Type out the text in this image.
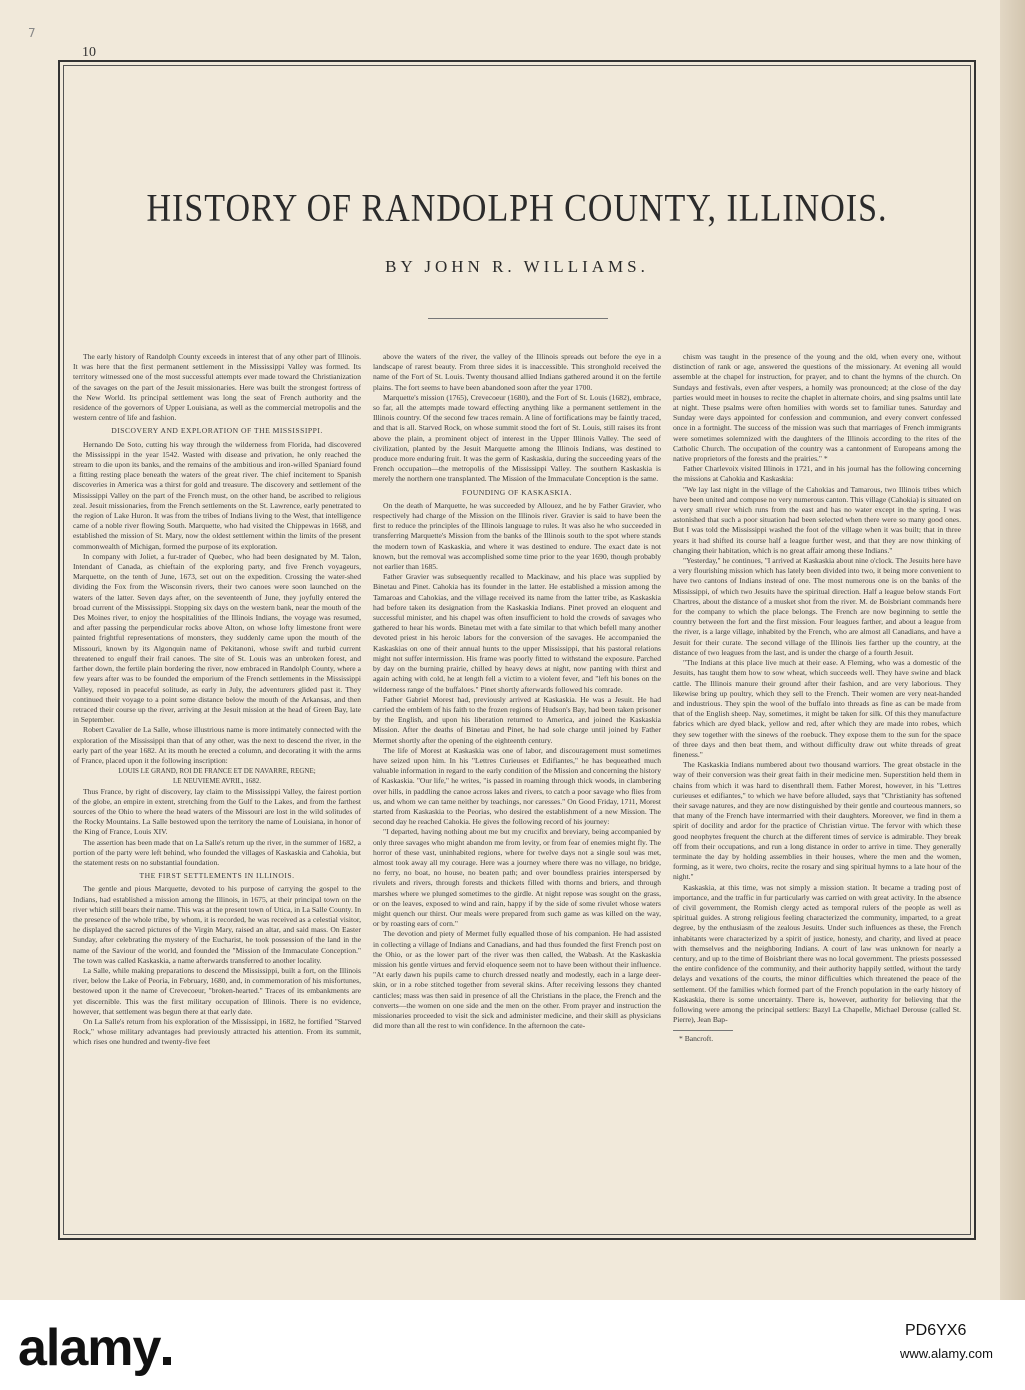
7
10
HISTORY OF RANDOLPH COUNTY, ILLINOIS.
BY JOHN R. WILLIAMS.

The early history of Randolph County exceeds in interest that of any other part of Illinois. It was here that the first permanent settlement in the Mississippi Valley was formed. Its territory witnessed one of the most successful attempts ever made toward the Christianization of the savages on the part of the Jesuit missionaries. Here was built the strongest fortress of the New World. Its principal settlement was long the seat of French authority and the residence of the governors of Upper Louisiana, as well as the commercial metropolis and the western centre of life and fashion.

DISCOVERY AND EXPLORATION OF THE MISSISSIPPI.

Hernando De Soto, cutting his way through the wilderness from Florida, had discovered the Mississippi in the year 1542. Wasted with disease and privation, he only reached the stream to die upon its banks, and the remains of the ambitious and iron-willed Spaniard found a fitting resting place beneath the waters of the great river. The chief incitement to Spanish discoveries in America was a thirst for gold and treasure. The discovery and settlement of the Mississippi Valley on the part of the French must, on the other hand, be ascribed to religious zeal. Jesuit missionaries, from the French settlements on the St. Lawrence, early penetrated to the region of Lake Huron. It was from the tribes of Indians living to the West, that intelligence came of a noble river flowing South. Marquette, who had visited the Chippewas in 1668, and established the mission of St. Mary, now the oldest settlement within the limits of the present commonwealth of Michigan, formed the purpose of its exploration.

In company with Joliet, a fur-trader of Quebec, who had been designated by M. Talon, Intendant of Canada, as chieftain of the exploring party, and five French voyageurs, Marquette, on the tenth of June, 1673, set out on the expedition. Crossing the water-shed dividing the Fox from the Wisconsin rivers, their two canoes were soon launched on the waters of the latter. Seven days after, on the seventeenth of June, they joyfully entered the broad current of the Mississippi. Stopping six days on the western bank, near the mouth of the Des Moines river, to enjoy the hospitalities of the Illinois Indians, the voyage was resumed, and after passing the perpendicular rocks above Alton, on whose lofty limestone front were painted frightful representations of monsters, they suddenly came upon the mouth of the Missouri, known by its Algonquin name of Pekitanoni, whose swift and turbid current threatened to engulf their frail canoes. The site of St. Louis was an unbroken forest, and farther down, the fertile plain bordering the river, now embraced in Randolph County, where a few years after was to be founded the emporium of the French settlements in the Mississippi Valley, reposed in peaceful solitude, as early in July, the adventurers glided past it. They continued their voyage to a point some distance below the mouth of the Arkansas, and then retraced their course up the river, arriving at the Jesuit mission at the head of Green Bay, late in September.

Robert Cavalier de La Salle, whose illustrious name is more intimately connected with the exploration of the Mississippi than that of any other, was the next to descend the river, in the early part of the year 1682. At its mouth he erected a column, and decorating it with the arms of France, placed upon it the following inscription:

LOUIS LE GRAND, ROI DE FRANCE ET DE NAVARRE, REGNE;

LE NEUVIEME AVRIL, 1682.

Thus France, by right of discovery, lay claim to the Mississippi Valley, the fairest portion of the globe, an empire in extent, stretching from the Gulf to the Lakes, and from the farthest sources of the Ohio to where the head waters of the Missouri are lost in the wild solitudes of the Rocky Mountains. La Salle bestowed upon the territory the name of Louisiana, in honor of the King of France, Louis XIV.

The assertion has been made that on La Salle's return up the river, in the summer of 1682, a portion of the party were left behind, who founded the villages of Kaskaskia and Cahokia, but the statement rests on no substantial foundation.

THE FIRST SETTLEMENTS IN ILLINOIS.

The gentle and pious Marquette, devoted to his purpose of carrying the gospel to the Indians, had established a mission among the Illinois, in 1675, at their principal town on the river which still bears their name. This was at the present town of Utica, in La Salle County. In the presence of the whole tribe, by whom, it is recorded, he was received as a celestial visitor, he displayed the sacred pictures of the Virgin Mary, raised an altar, and said mass. On Easter Sunday, after celebrating the mystery of the Eucharist, he took possession of the land in the name of the Saviour of the world, and founded the "Mission of the Immaculate Conception." The town was called Kaskaskia, a name afterwards transferred to another locality.

La Salle, while making preparations to descend the Mississippi, built a fort, on the Illinois river, below the Lake of Peoria, in February, 1680, and, in commemoration of his misfortunes, bestowed upon it the name of Crevecoeur, "broken-hearted." Traces of its embankments are yet discernible. This was the first military occupation of Illinois. There is no evidence, however, that settlement was begun there at that early date.

On La Salle's return from his exploration of the Mississippi, in 1682, he fortified "Starved Rock," whose military advantages had previously attracted his attention. From its summit, which rises one hundred and twenty-five feet

above the waters of the river, the valley of the Illinois spreads out before the eye in a landscape of rarest beauty. From three sides it is inaccessible. This stronghold received the name of the Fort of St. Louis. Twenty thousand allied Indians gathered around it on the fertile plains. The fort seems to have been abandoned soon after the year 1700.

Marquette's mission (1765), Crevecoeur (1680), and the Fort of St. Louis (1682), embrace, so far, all the attempts made toward effecting anything like a permanent settlement in the Illinois country. Of the second few traces remain. A line of fortifications may be faintly traced, and that is all. Starved Rock, on whose summit stood the fort of St. Louis, still raises its front above the plain, a prominent object of interest in the Upper Illinois Valley. The seed of civilization, planted by the Jesuit Marquette among the Illinois Indians, was destined to produce more enduring fruit. It was the germ of Kaskaskia, during the succeeding years of the French occupation—the metropolis of the Mississippi Valley. The southern Kaskaskia is merely the northern one transplanted. The Mission of the Immaculate Conception is the same.

FOUNDING OF KASKASKIA.

On the death of Marquette, he was succeeded by Allouez, and he by Father Gravier, who respectively had charge of the Mission on the Illinois river. Gravier is said to have been the first to reduce the principles of the Illinois language to rules. It was also he who succeeded in transferring Marquette's Mission from the banks of the Illinois south to the spot where stands the modern town of Kaskaskia, and where it was destined to endure. The exact date is not known, but the removal was accomplished some time prior to the year 1690, though probably not earlier than 1685.

Father Gravier was subsequently recalled to Mackinaw, and his place was supplied by Binetau and Pinet. Cahokia has its founder in the latter. He established a mission among the Tamaroas and Cahokias, and the village received its name from the latter tribe, as Kaskaskia had before taken its designation from the Kaskaskia Indians. Pinet proved an eloquent and successful minister, and his chapel was often insufficient to hold the crowds of savages who gathered to hear his words. Binetau met with a fate similar to that which befell many another devoted priest in his heroic labors for the conversion of the savages. He accompanied the Kaskaskias on one of their annual hunts to the upper Mississippi, that his pastoral relations might not suffer intermission. His frame was poorly fitted to withstand the exposure. Parched by day on the burning prairie, chilled by heavy dews at night, now panting with thirst and again aching with cold, he at length fell a victim to a violent fever, and "left his bones on the wilderness range of the buffaloes." Pinet shortly afterwards followed his comrade.

Father Gabriel Morest had, previously arrived at Kaskaskia. He was a Jesuit. He had carried the emblem of his faith to the frozen regions of Hudson's Bay, had been taken prisoner by the English, and upon his liberation returned to America, and joined the Kaskaskia Mission. After the deaths of Binetau and Pinet, he had sole charge until joined by Father Mermet shortly after the opening of the eighteenth century.

The life of Morest at Kaskaskia was one of labor, and discouragement must sometimes have seized upon him. In his "Lettres Curieuses et Edifiantes," he has bequeathed much valuable information in regard to the early condition of the Mission and concerning the history of Kaskaskia. "Our life," he writes, "is passed in roaming through thick woods, in clambering over hills, in paddling the canoe across lakes and rivers, to catch a poor savage who flies from us, and whom we can tame neither by teachings, nor caresses." On Good Friday, 1711, Morest started from Kaskaskia to the Peorias, who desired the establishment of a new Mission. The second day he reached Cahokia. He gives the following record of his journey:

"I departed, having nothing about me but my crucifix and breviary, being accompanied by only three savages who might abandon me from levity, or from fear of enemies might fly. The horror of these vast, uninhabited regions, where for twelve days not a single soul was met, almost took away all my courage. Here was a journey where there was no village, no bridge, no ferry, no boat, no house, no beaten path; and over boundless prairies interspersed by rivulets and rivers, through forests and thickets filled with thorns and briers, and through marshes where we plunged sometimes to the girdle. At night repose was sought on the grass, or on the leaves, exposed to wind and rain, happy if by the side of some rivulet whose waters might quench our thirst. Our meals were prepared from such game as was killed on the way, or by roasting ears of corn."

The devotion and piety of Mermet fully equalled those of his companion. He had assisted in collecting a village of Indians and Canadians, and had thus founded the first French post on the Ohio, or as the lower part of the river was then called, the Wabash. At the Kaskaskia mission his gentle virtues and fervid eloquence seem not to have been without their influence. "At early dawn his pupils came to church dressed neatly and modestly, each in a large deer-skin, or in a robe stitched together from several skins. After receiving lessons they chanted canticles; mass was then said in presence of all the Christians in the place, the French and the converts—the women on one side and the men on the other. From prayer and instruction the missionaries proceeded to visit the sick and administer medicine, and their skill as physicians did more than all the rest to win confidence. In the afternoon the cate-

chism was taught in the presence of the young and the old, when every one, without distinction of rank or age, answered the questions of the missionary. At evening all would assemble at the chapel for instruction, for prayer, and to chant the hymns of the church. On Sundays and festivals, even after vespers, a homily was pronounced; at the close of the day parties would meet in houses to recite the chaplet in alternate choirs, and sing psalms until late at night. These psalms were often homilies with words set to familiar tunes. Saturday and Sunday were days appointed for confession and communion, and every convert confessed once in a fortnight. The success of the mission was such that marriages of French immigrants were sometimes solemnized with the daughters of the Illinois according to the rites of the Catholic Church. The occupation of the country was a cantonment of Europeans among the native proprietors of the forests and the prairies." *

Father Charlevoix visited Illinois in 1721, and in his journal has the following concerning the missions at Cahokia and Kaskaskia:

"We lay last night in the village of the Cahokias and Tamarous, two Illinois tribes which have been united and compose no very numerous canton. This village (Cahokia) is situated on a very small river which runs from the east and has no water except in the spring. I was astonished that such a poor situation had been selected when there were so many good ones. But I was told the Mississippi washed the foot of the village when it was built; that in three years it had shifted its course half a league further west, and that they are now thinking of changing their habitation, which is no great affair among these Indians."

"Yesterday," he continues, "I arrived at Kaskaskia about nine o'clock. The Jesuits here have a very flourishing mission which has lately been divided into two, it being more convenient to have two cantons of Indians instead of one. The most numerous one is on the banks of the Mississippi, of which two Jesuits have the spiritual direction. Half a league below stands Fort Chartres, about the distance of a musket shot from the river. M. de Boisbriant commands here for the company to which the place belongs. The French are now beginning to settle the country between the fort and the first mission. Four leagues farther, and about a league from the river, is a large village, inhabited by the French, who are almost all Canadians, and have a Jesuit for their curate. The second village of the Illinois lies farther up the country, at the distance of two leagues from the last, and is under the charge of a fourth Jesuit.

"The Indians at this place live much at their ease. A Fleming, who was a domestic of the Jesuits, has taught them how to sow wheat, which succeeds well. They have swine and black cattle. The Illinois manure their ground after their fashion, and are very laborious. They likewise bring up poultry, which they sell to the French. Their women are very neat-handed and industrious. They spin the wool of the buffalo into threads as fine as can be made from that of the English sheep. Nay, sometimes, it might be taken for silk. Of this they manufacture fabrics which are dyed black, yellow and red, after which they are made into robes, which they sew together with the sinews of the roebuck. They expose them to the sun for the space of three days and then beat them, and without difficulty draw out white threads of great fineness."

The Kaskaskia Indians numbered about two thousand warriors. The great obstacle in the way of their conversion was their great faith in their medicine men. Superstition held them in chains from which it was hard to disenthrall them. Father Morest, however, in his "Lettres curieuses et edifiantes," to which we have before alluded, says that "Christianity has softened their savage natures, and they are now distinguished by their gentle and courteous manners, so that many of the French have intermarried with their daughters. Moreover, we find in them a spirit of docility and ardor for the practice of Christian virtue. The fervor with which these good neophytes frequent the church at the different times of service is admirable. They break off from their occupations, and run a long distance in order to arrive in time. They generally terminate the day by holding assemblies in their houses, where the men and the women, forming, as it were, two choirs, recite the rosary and sing spiritual hymns to a late hour of the night."

Kaskaskia, at this time, was not simply a mission station. It became a trading post of importance, and the traffic in fur particularly was carried on with great activity. In the absence of civil government, the Romish clergy acted as temporal rulers of the people as well as spiritual guides. A strong religious feeling characterized the community, imparted, to a great degree, by the enthusiasm of the zealous Jesuits. Under such influences as these, the French inhabitants were characterized by a spirit of justice, honesty, and charity, and lived at peace with themselves and the neighboring Indians. A court of law was unknown for nearly a century, and up to the time of Boisbriant there was no local government. The priests possessed the entire confidence of the community, and their authority happily settled, without the tardy delays and vexations of the courts, the minor difficulties which threatened the peace of the settlement. Of the families which formed part of the French population in the early history of Kaskaskia, there is some uncertainty. There is, however, authority for believing that the following were among the principal settlers: Bazyl La Chapelle, Michael Derouse (called St. Pierre), Jean Bap-

* Bancroft.

alamy	PD6YX6
www.alamy.com
